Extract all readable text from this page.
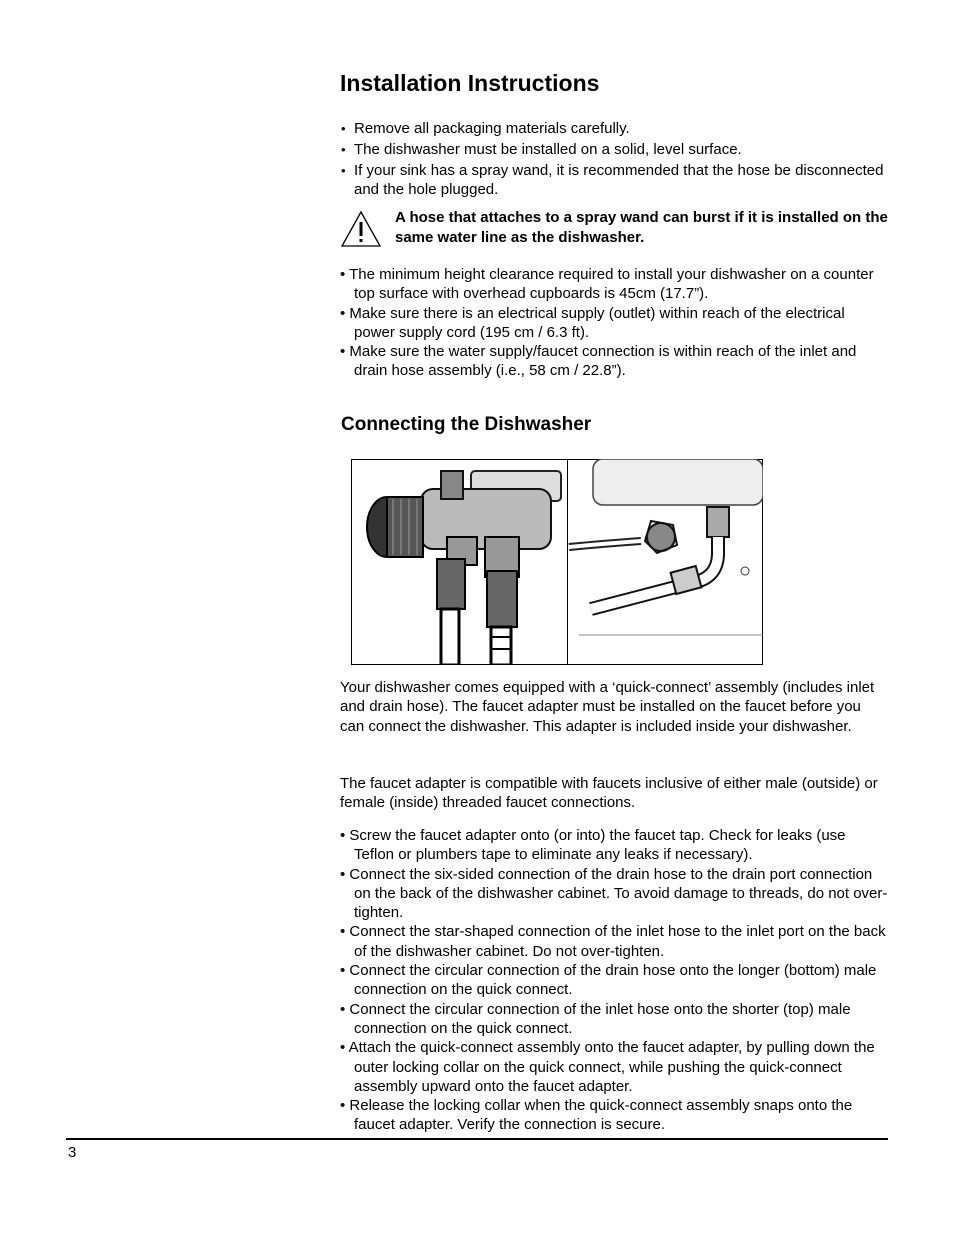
Installation Instructions
• Remove all packaging materials carefully.
• The dishwasher must be installed on a solid, level surface.
• If your sink has a spray wand, it is recommended that the hose be disconnected and the hole plugged.

A hose that attaches to a spray wand can burst if it is installed on the same water line as the dishwasher.

• The minimum height clearance required to install your dishwasher on a counter top surface with overhead cupboards is 45cm (17.7”).
• Make sure there is an electrical supply (outlet) within reach of the electrical power supply cord (195 cm / 6.3 ft).
• Make sure the water supply/faucet connection is within reach of the inlet and drain hose assembly (i.e., 58 cm / 22.8”).
Connecting the Dishwasher

Your dishwasher comes equipped with a ‘quick-connect’ assembly (includes inlet and drain hose). The faucet adapter must be installed on the faucet before you can connect the dishwasher. This adapter is included inside your dishwasher.

The faucet adapter is compatible with faucets inclusive of either male (outside) or female (inside) threaded faucet connections.

• Screw the faucet adapter onto (or into) the faucet tap. Check for leaks (use Teflon or plumbers tape to eliminate any leaks if necessary).
• Connect the six-sided connection of the drain hose to the drain port connection on the back of the dishwasher cabinet. To avoid damage to threads, do not over-tighten.
• Connect the star-shaped connection of the inlet hose to the inlet port on the back of the dishwasher cabinet. Do not over-tighten.
• Connect the circular connection of the drain hose onto the longer (bottom) male connection on the quick connect.
• Connect the circular connection of the inlet hose onto the shorter (top) male connection on the quick connect.
• Attach the quick-connect assembly onto the faucet adapter, by pulling down the outer locking collar on the quick connect, while pushing the quick-connect assembly upward onto the faucet adapter.
• Release the locking collar when the quick-connect assembly snaps onto the faucet adapter. Verify the connection is secure.
3
